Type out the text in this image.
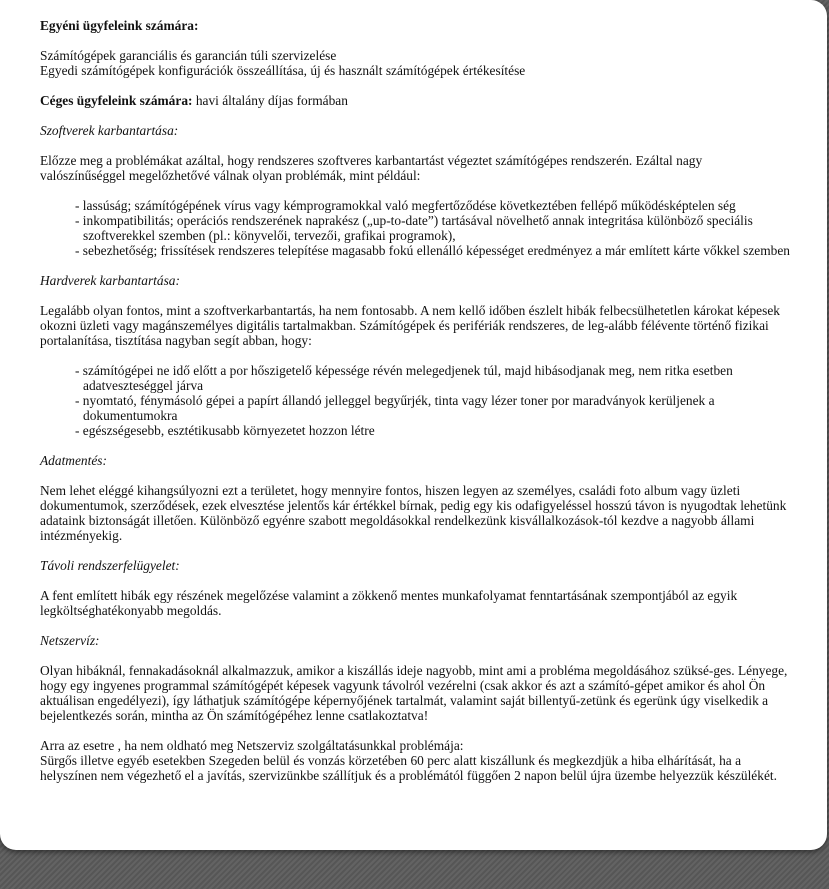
Egyéni ügyfeleink számára:

Számítógépek garanciális és garancián túli szervizelése

Egyedi számítógépek konfigurációk összeállítása, új és használt számítógépek értékesítése

Céges ügyfeleink számára: havi általány díjas formában

Szoftverek karbantartása:

Előzze meg a problémákat azáltal, hogy rendszeres szoftveres karbantartást végeztet számítógépes rendszerén. Ezáltal nagy valószínűséggel megelőzhetővé válnak olyan problémák, mint például:

- lassúság; számítógépének vírus vagy kémprogramokkal való megfertőződése következtében fellépő működésképtelen ség
- inkompatibilitás; operációs rendszerének naprakész („up-to-date”) tartásával növelhető annak integritása különböző speciális szoftverekkel szemben (pl.: könyvelői, tervezői, grafikai programok),
- sebezhetőség; frissítések rendszeres telepítése magasabb fokú ellenálló képességet eredményez a már említett kárte vőkkel szemben

Hardverek karbantartása:

Legalább olyan fontos, mint a szoftverkarbantartás, ha nem fontosabb. A nem kellő időben észlelt hibák felbecsülhetetlen károkat képesek okozni üzleti vagy magánszemélyes digitális tartalmakban. Számítógépek és perifériák rendszeres, de leg-alább félévente történő fizikai portalanítása, tisztítása nagyban segít abban, hogy:

- számítógépei ne idő előtt a por hőszigetelő képessége révén melegedjenek túl, majd hibásodjanak meg, nem ritka esetben adatveszteséggel járva
- nyomtató, fénymásoló gépei a papírt állandó jelleggel begyűrjék, tinta vagy lézer toner por maradványok kerüljenek a dokumentumokra
- egészségesebb, esztétikusabb környezetet hozzon létre

Adatmentés:

Nem lehet eléggé kihangsúlyozni ezt a területet, hogy mennyire fontos, hiszen legyen az személyes, családi foto album vagy üzleti dokumentumok, szerződések, ezek elvesztése jelentős kár értékkel bírnak, pedig egy kis odafigyeléssel hosszú távon is nyugodtak lehetünk adataink biztonságát illetően. Különböző egyénre szabott megoldásokkal rendelkezünk kisvállalkozások-tól kezdve a nagyobb állami intézményekig.

Távoli rendszerfelügyelet:

A fent említett hibák egy részének megelőzése valamint a zökkenő mentes munkafolyamat fenntartásának szempontjából az egyik legköltséghatékonyabb megoldás.

Netszervíz:

Olyan hibáknál, fennakadásoknál alkalmazzuk, amikor a kiszállás ideje nagyobb, mint ami a probléma megoldásához szüksé-ges. Lényege, hogy egy ingyenes programmal számítógépét képesek vagyunk távolról vezérelni (csak akkor és azt a számító-gépet amikor és ahol Ön aktuálisan engedélyezi), így láthatjuk számítógépe képernyőjének tartalmát, valamint saját billentyű-zetünk és egerünk úgy viselkedik a bejelentkezés során, mintha az Ön számítógépéhez lenne csatlakoztatva!

Arra az esetre , ha nem oldható meg Netszerviz szolgáltatásunkkal problémája:

Sürgős illetve egyéb esetekben Szegeden belül és vonzás körzetében 60 perc alatt kiszállunk és megkezdjük a hiba elhárítását, ha a helyszínen nem végezhető el a javítás, szervizünkbe szállítjuk és a problémától függően 2 napon belül újra üzembe helyezzük készülékét.
